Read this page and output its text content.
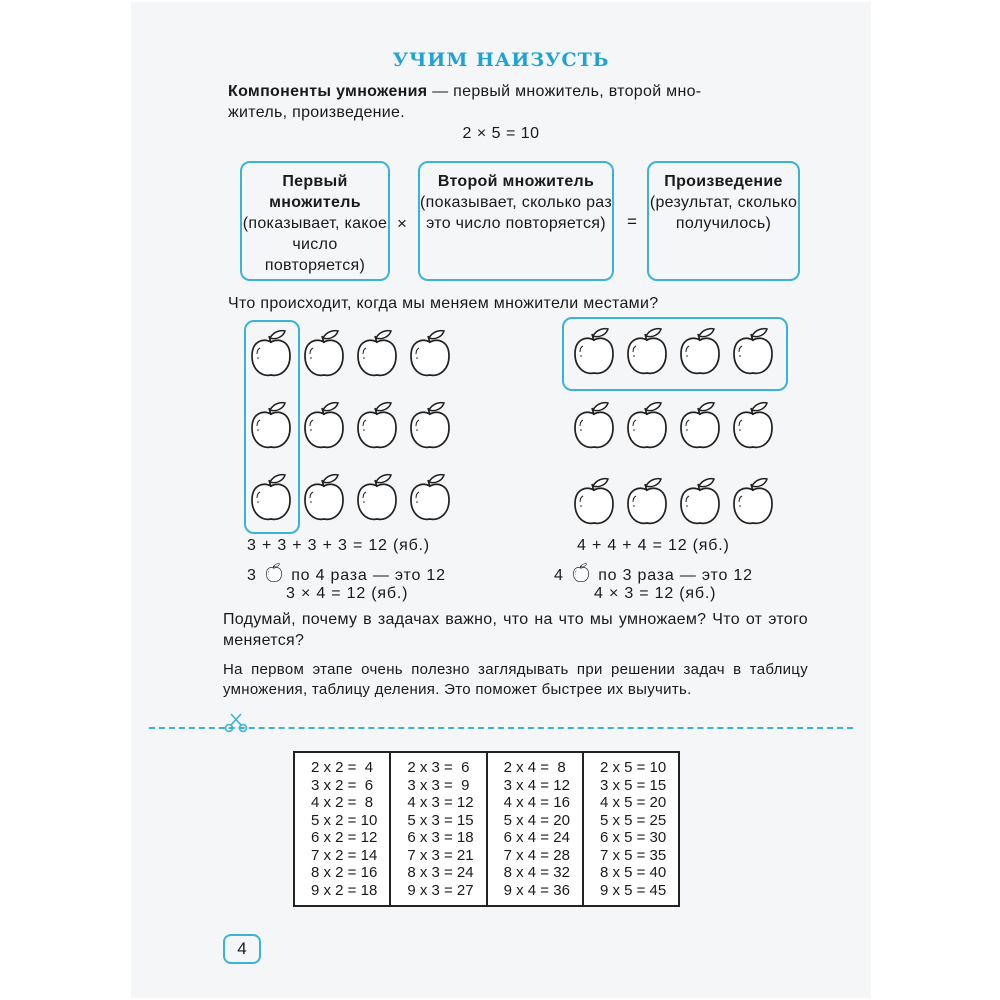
УЧИМ НАИЗУСТЬ
Компоненты умножения — первый множитель, второй мно-
житель, произведение.
2 × 5 = 10
Первый множитель
(показывает, какое число повторяется)
×
Второй множитель
(показывает, сколько раз это число повторяется)	=
Произведение
(результат, сколько получилось)
Что происходит, когда мы меняем множители местами?
3 + 3 + 3 + 3 = 12 (яб.)
3 по 4 раза — это 12
3 × 4 = 12 (яб.)
4 + 4 + 4 = 12 (яб.)
4 по 3 раза — это 12
4 × 3 = 12 (яб.)
Подумай, почему в задачах важно, что на что мы умножаем? Что от этого меняется?
На первом этапе очень полезно заглядывать при решении задач в таблицу умножения, таблицу деления. Это поможет быстрее их выучить.
2 x 2 =  4
3 x 2 =  6
4 x 2 =  8
5 x 2 = 10
6 x 2 = 12
7 x 2 = 14
8 x 2 = 16
9 x 2 = 18

2 x 3 =  6
3 x 3 =  9
4 x 3 = 12
5 x 3 = 15
6 x 3 = 18
7 x 3 = 21
8 x 3 = 24
9 x 3 = 27

2 x 4 =  8
3 x 4 = 12
4 x 4 = 16
5 x 4 = 20
6 x 4 = 24
7 x 4 = 28
8 x 4 = 32
9 x 4 = 36

2 x 5 = 10
3 x 5 = 15
4 x 5 = 20
5 x 5 = 25
6 x 5 = 30
7 x 5 = 35
8 x 5 = 40
9 x 5 = 45
4
